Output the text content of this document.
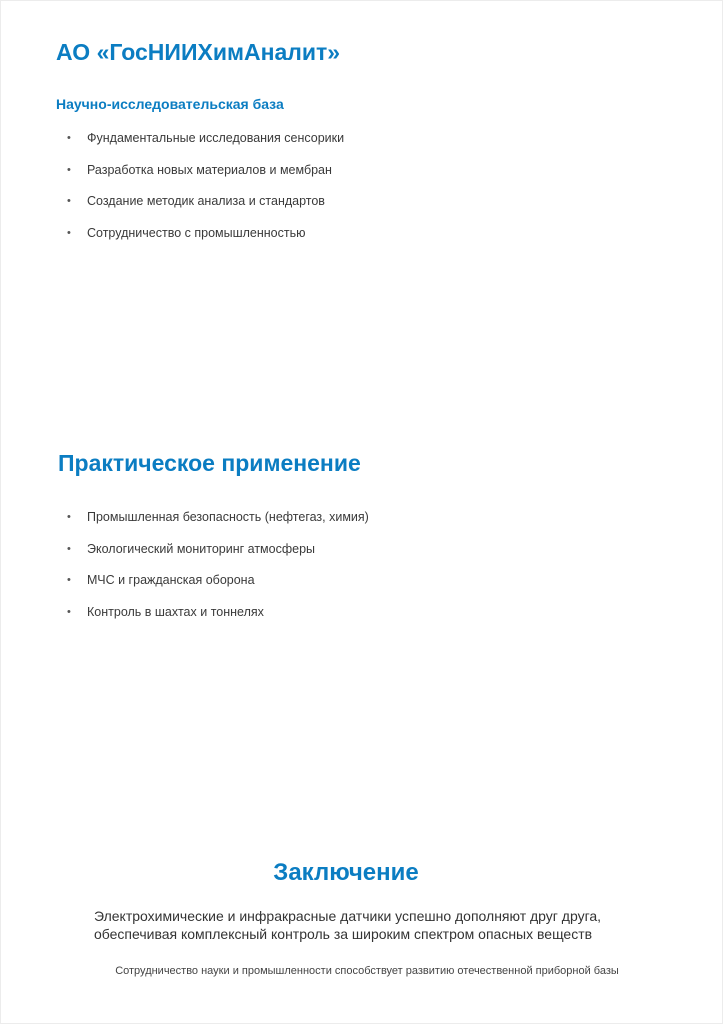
АО «ГосНИИХимАналит»
Научно-исследовательская база
• Фундаментальные исследования сенсорики
• Разработка новых материалов и мембран
• Создание методик анализа и стандартов
• Сотрудничество с промышленностью
Практическое применение
• Промышленная безопасность (нефтегаз, химия)
• Экологический мониторинг атмосферы
• МЧС и гражданская оборона
• Контроль в шахтах и тоннелях
Заключение

Электрохимические и инфракрасные датчики успешно дополняют друг друга,
обеспечивая комплексный контроль за широким спектром опасных веществ

Сотрудничество науки и промышленности способствует развитию отечественной приборной базы
